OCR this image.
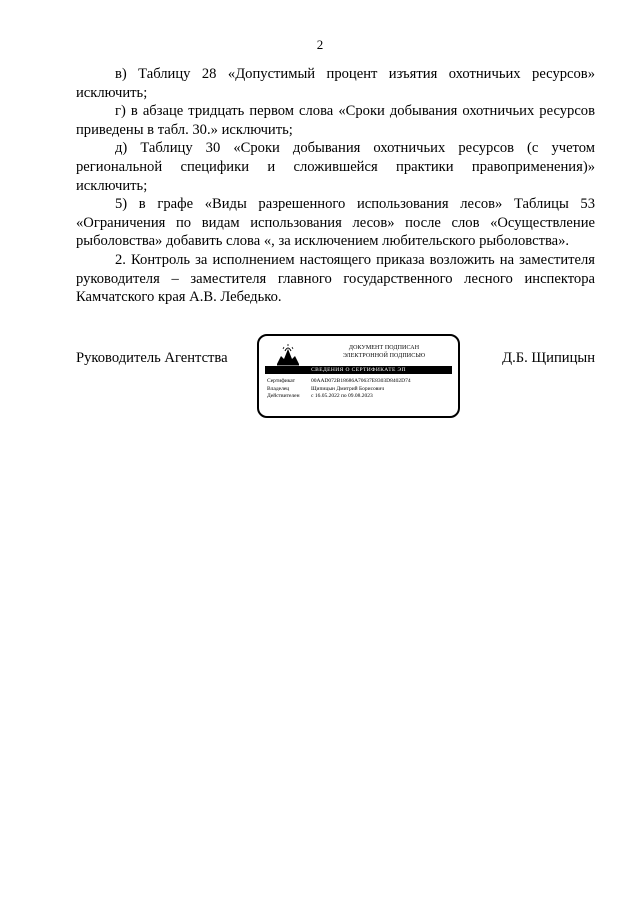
2

в) Таблицу 28 «Допустимый процент изъятия охотничьих ресурсов» исключить;

г) в абзаце тридцать первом слова «Сроки добывания охотничьих ресурсов приведены в табл. 30.» исключить;

д) Таблицу 30 «Сроки добывания охотничьих ресурсов (с учетом региональной специфики и сложившейся практики правоприменения)» исключить;

5) в графе «Виды разрешенного использования лесов» Таблицы 53 «Ограничения по видам использования лесов» после слов «Осуществление рыболовства» добавить слова «, за исключением любительского рыболовства».

2. Контроль за исполнением настоящего приказа возложить на заместителя руководителя – заместителя главного государственного лесного инспектора Камчатского края А.В. Лебедько.

Руководитель Агентства
ДОКУМЕНТ ПОДПИСАН
ЭЛЕКТРОННОЙ ПОДПИСЬЮ
СВЕДЕНИЯ О СЕРТИФИКАТЕ ЭП
Сертификат	00AAD072B18686A70637E8303D8402D74
Владелец	Щипицын Дмитрий Борисович
Действителен	с 16.05.2022 по 09.08.2023
Д.Б. Щипицын
